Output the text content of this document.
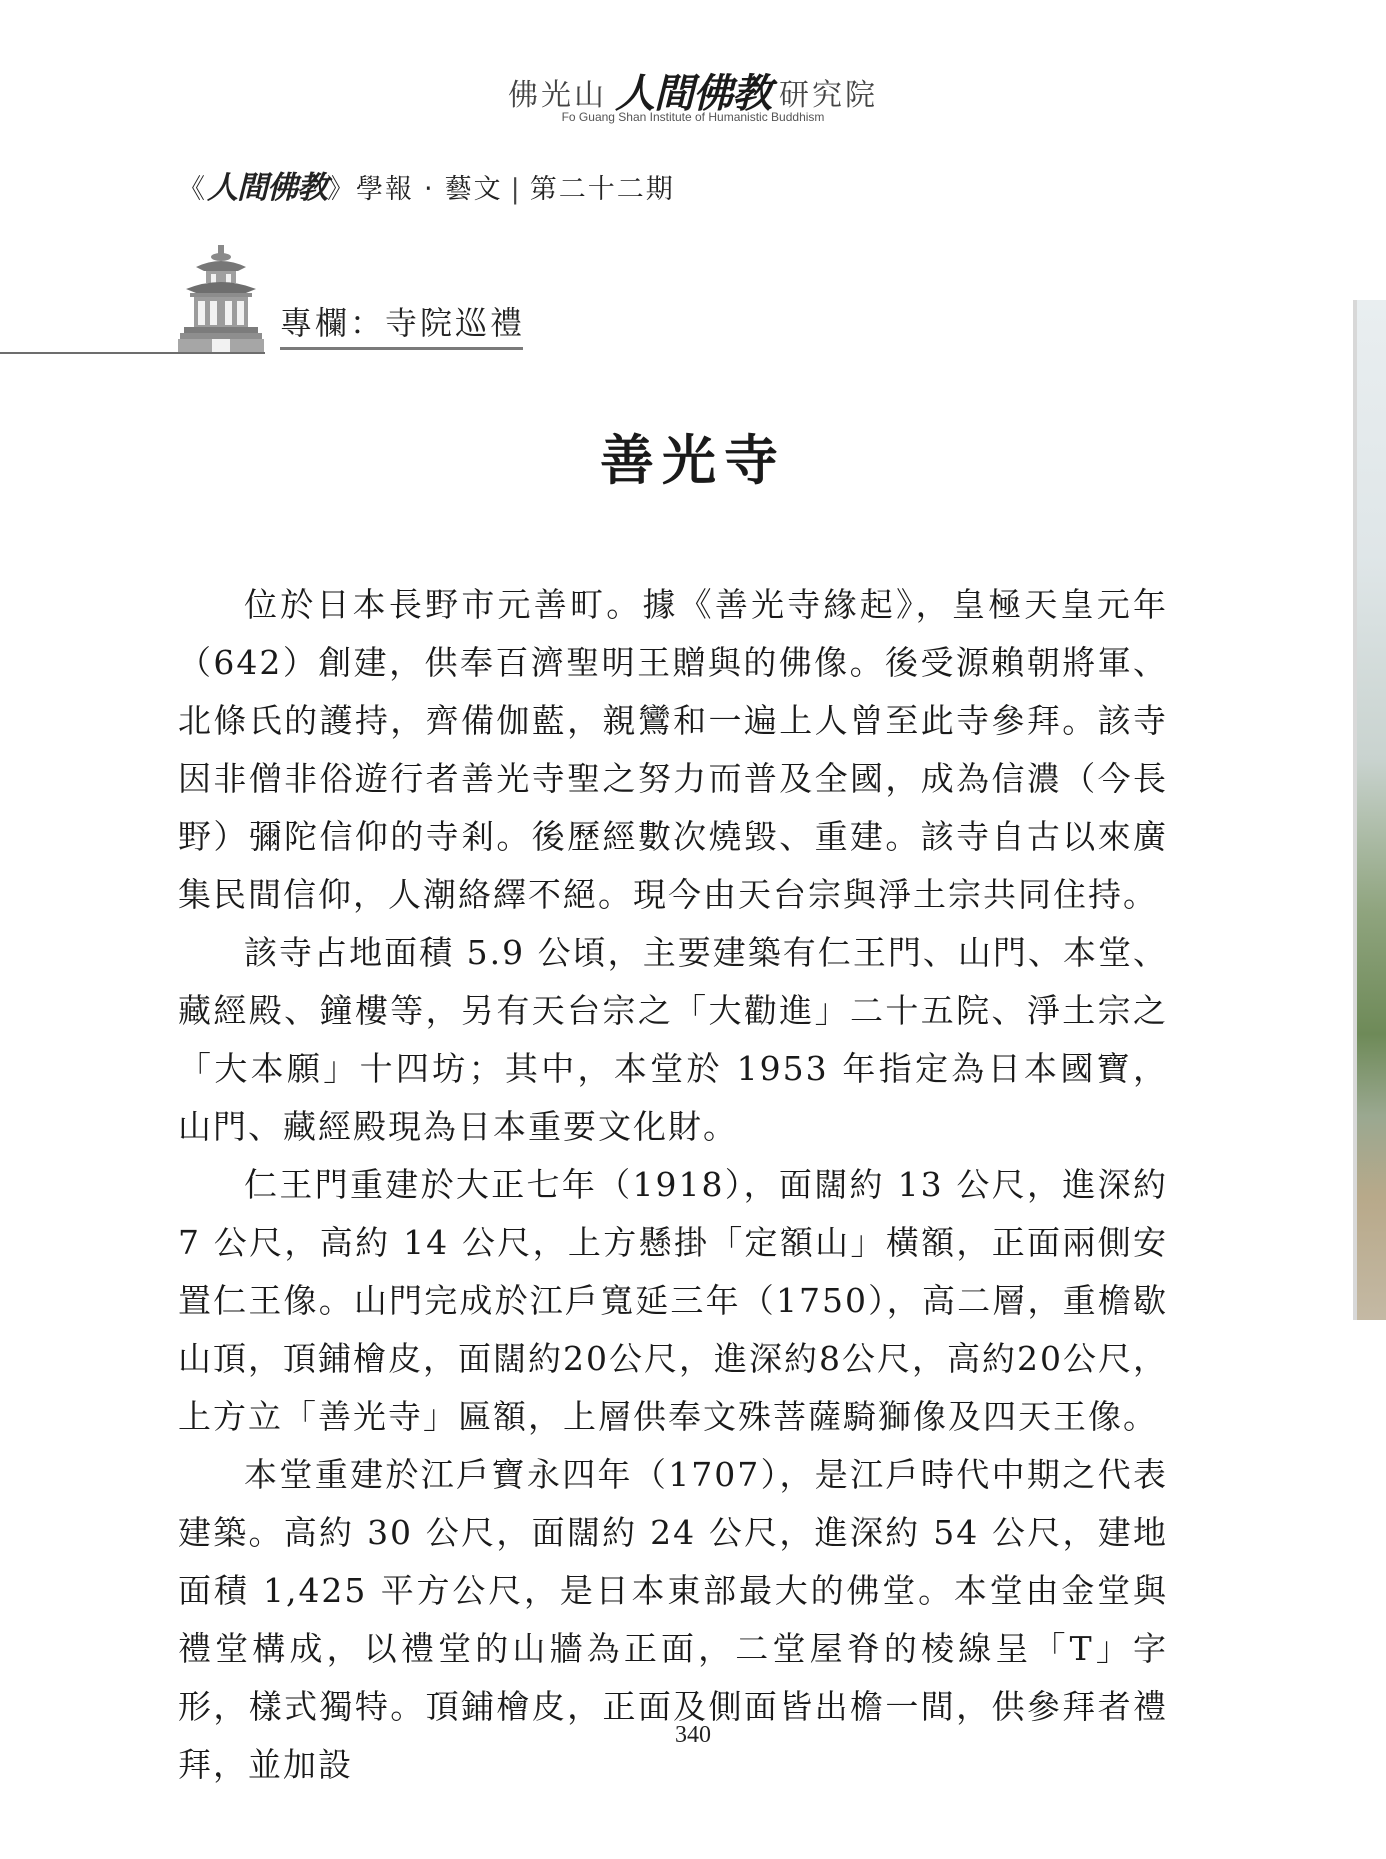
佛光山 人間佛教 研究院
Fo Guang Shan Institute of Humanistic Buddhism
《人間佛教》學報 ‧ 藝文 | 第二十二期
專欄：寺院巡禮
善光寺

位於日本長野市元善町。據《善光寺緣起》，皇極天皇元年（642）創建，供奉百濟聖明王贈與的佛像。後受源賴朝將軍、北條氏的護持，齊備伽藍，親鸞和一遍上人曾至此寺參拜。該寺因非僧非俗遊行者善光寺聖之努力而普及全國，成為信濃（今長野）彌陀信仰的寺剎。後歷經數次燒毀、重建。該寺自古以來廣集民間信仰，人潮絡繹不絕。現今由天台宗與淨土宗共同住持。

該寺占地面積 5.9 公頃，主要建築有仁王門、山門、本堂、藏經殿、鐘樓等，另有天台宗之「大勸進」二十五院、淨土宗之「大本願」十四坊；其中，本堂於 1953 年指定為日本國寶，山門、藏經殿現為日本重要文化財。

仁王門重建於大正七年（1918），面闊約 13 公尺，進深約 7 公尺，高約 14 公尺，上方懸掛「定額山」橫額，正面兩側安置仁王像。山門完成於江戶寬延三年（1750），高二層，重檐歇山頂，頂鋪檜皮，面闊約20公尺，進深約8公尺，高約20公尺，上方立「善光寺」匾額，上層供奉文殊菩薩騎獅像及四天王像。

本堂重建於江戶寶永四年（1707），是江戶時代中期之代表建築。高約 30 公尺，面闊約 24 公尺，進深約 54 公尺，建地面積 1,425 平方公尺，是日本東部最大的佛堂。本堂由金堂與禮堂構成，以禮堂的山牆為正面，二堂屋脊的棱線呈「T」字形，樣式獨特。頂鋪檜皮，正面及側面皆出檐一間，供參拜者禮拜，並加設

340
